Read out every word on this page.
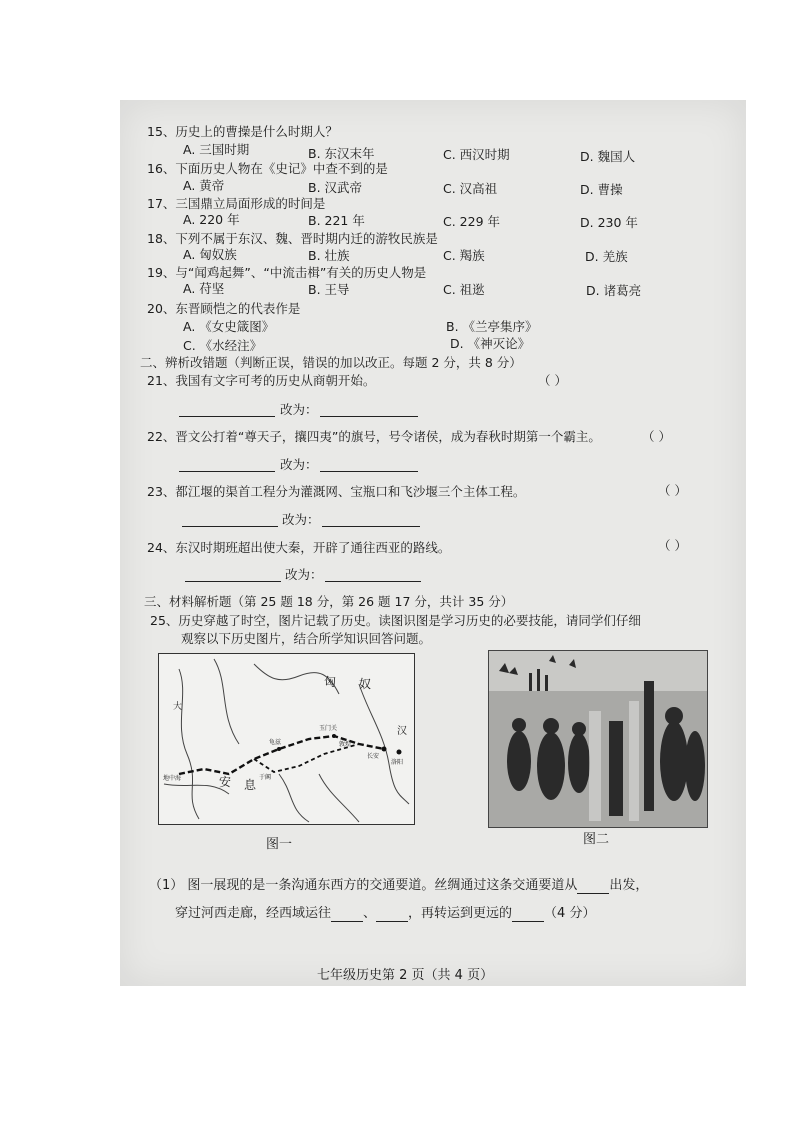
15、历史上的曹操是什么时期人？
A. 三国时期	B. 东汉末年	C. 西汉时期	D. 魏国人
16、下面历史人物在《史记》中查不到的是
A. 黄帝	B. 汉武帝	C. 汉高祖	D. 曹操
17、三国鼎立局面形成的时间是
A. 220 年	B. 221 年	C. 229 年	D. 230 年
18、下列不属于东汉、魏、晋时期内迁的游牧民族是
A. 匈奴族	B. 壮族	C. 羯族	D. 羌族
19、与“闻鸡起舞”、“中流击楫”有关的历史人物是
A. 苻坚	B. 王导	C. 祖逖	D. 诸葛亮
20、东晋顾恺之的代表作是
A. 《女史箴图》	B. 《兰亭集序》
C. 《水经注》	D. 《神灭论》
二、辨析改错题（判断正误，错误的加以改正。每题 2 分，共 8 分）
21、我国有文字可考的历史从商朝开始。	（ ）
改为：
22、晋文公打着“尊天子，攘四夷”的旗号，号令诸侯，成为春秋时期第一个霸主。	（ ）
改为：
23、都江堰的渠首工程分为灌溉网、宝瓶口和飞沙堰三个主体工程。	（ ）
改为：
24、东汉时期班超出使大秦，开辟了通往西亚的路线。	（ ）
改为：
三、材料解析题（第 25 题 18 分，第 26 题 17 分，共计 35 分）
25、历史穿越了时空，图片记载了历史。读图识图是学习历史的必要技能，请同学们仔细
观察以下历史图片，结合所学知识回答问题。
匈 奴
大
安 息
汉
玉门关
敦煌
长安
洛阳
龟兹
于阗
地中海
图一	图二
（1） 图一展现的是一条沟通东西方的交通要道。丝绸通过这条交通要道从 出发，
穿过河西走廊，经西域运往 、 ，再转运到更远的 （4 分）
七年级历史第 2 页（共 4 页）
